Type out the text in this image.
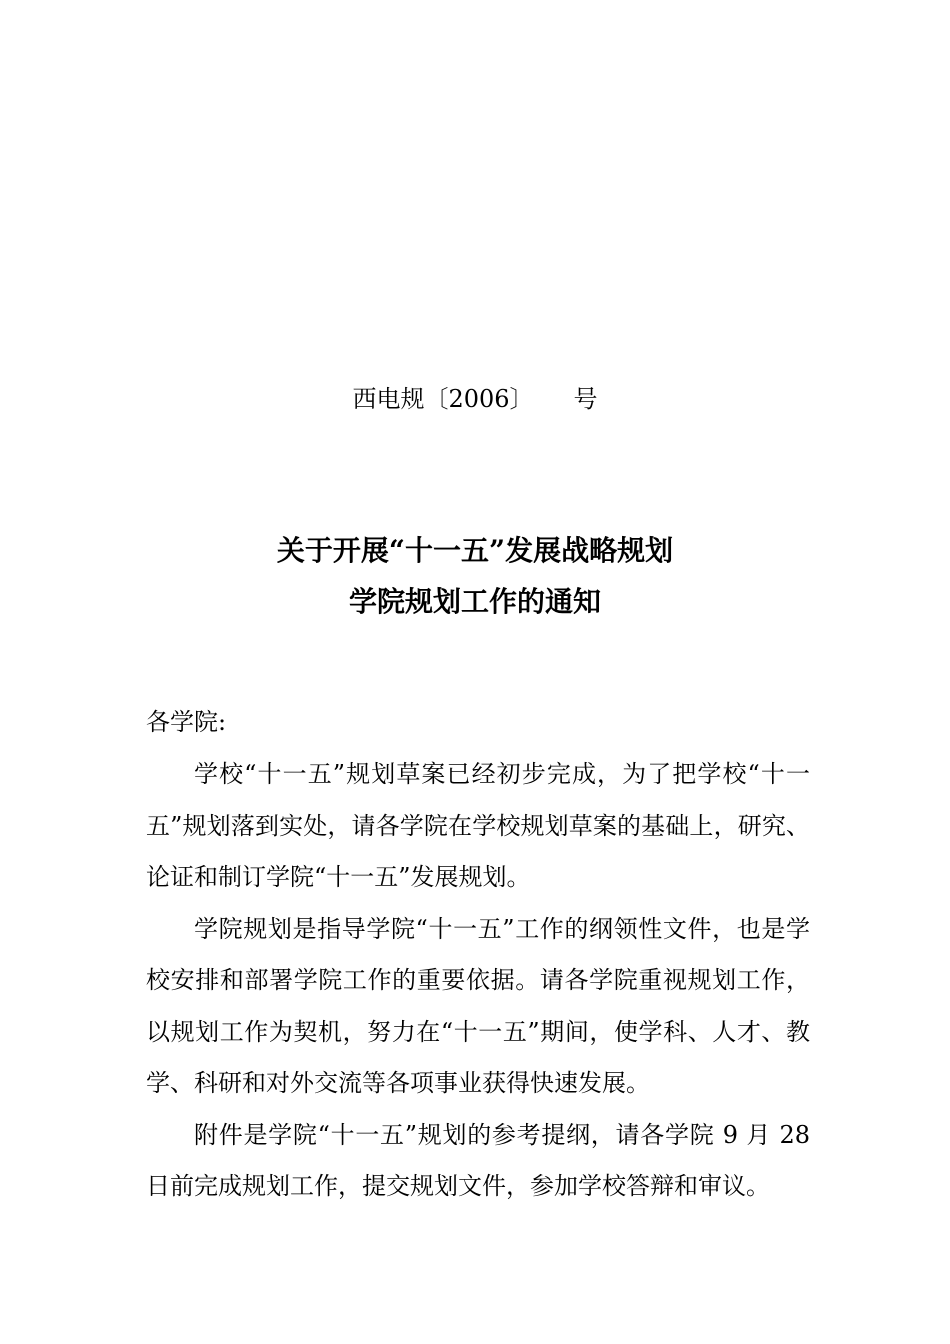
西电规〔2006〕 号
关于开展“十一五”发展战略规划
学院规划工作的通知
各学院:

学校“十一五”规划草案已经初步完成，为了把学校“十一五”规划落到实处，请各学院在学校规划草案的基础上，研究、论证和制订学院“十一五”发展规划。

学院规划是指导学院“十一五”工作的纲领性文件，也是学校安排和部署学院工作的重要依据。请各学院重视规划工作，以规划工作为契机，努力在“十一五”期间，使学科、人才、教学、科研和对外交流等各项事业获得快速发展。

附件是学院“十一五”规划的参考提纲，请各学院 9 月 28 日前完成规划工作，提交规划文件，参加学校答辩和审议。
